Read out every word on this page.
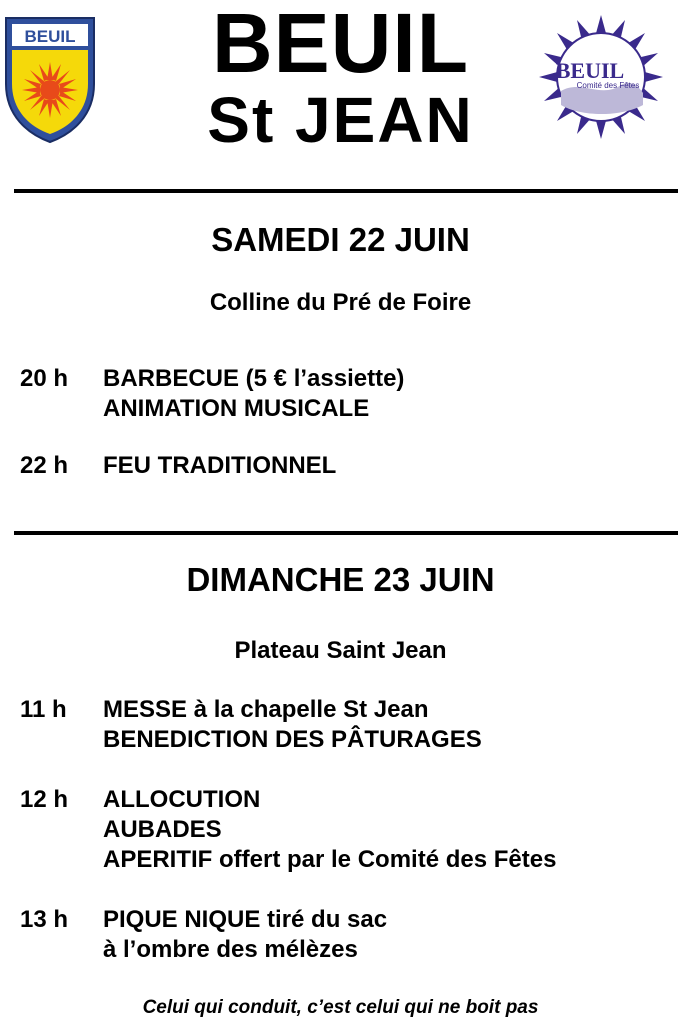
BEUIL	BEUIL
St JEAN
BEUIL
Comité des Fêtes
SAMEDI 22 JUIN
Colline du Pré de Foire
20 h BARBECUE (5 € l’assiette)
ANIMATION MUSICALE
22 h FEU TRADITIONNEL
DIMANCHE 23 JUIN
Plateau Saint Jean
11 h MESSE à la chapelle St Jean
BENEDICTION DES PÂTURAGES
12 h ALLOCUTION
AUBADES
APERITIF offert par le Comité des Fêtes
13 h PIQUE NIQUE tiré du sac
à l’ombre des mélèzes
Celui qui conduit, c’est celui qui ne boit pas
